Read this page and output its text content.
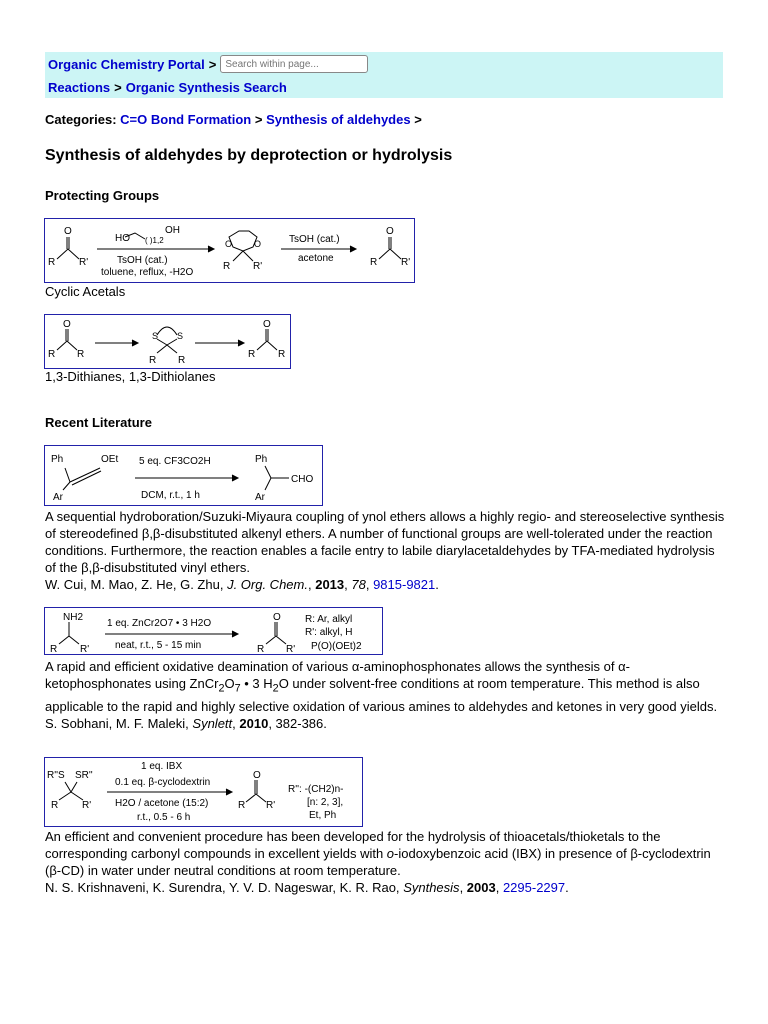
Organic Chemistry Portal >
Search within page...
Reactions > Organic Synthesis Search
Categories: C=O Bond Formation > Synthesis of aldehydes >
Synthesis of aldehydes by deprotection or hydrolysis
Protecting Groups
O
R R'
HO ( )1,2
OH
TsOH (cat.)
toluene, reflux, -H2O
O O
R R'
TsOH (cat.)
acetone
O
R R'
Cyclic Acetals
O
R R
S S
R R
O
R R
1,3-Dithianes, 1,3-Dithiolanes
Recent Literature
Ph	OEt
Ar
5 eq. CF3CO2H
DCM, r.t., 1 h
Ph
CHO
Ar
A sequential hydroboration/Suzuki-Miyaura coupling of ynol ethers allows a highly regio- and stereoselective synthesis of stereodefined β,β-disubstituted alkenyl ethers. A number of functional groups are well-tolerated under the reaction conditions. Furthermore, the reaction enables a facile entry to labile diarylacetaldehydes by TFA-mediated hydrolysis of the β,β-disubstituted vinyl ethers.
W. Cui, M. Mao, Z. He, G. Zhu, J. Org. Chem., 2013, 78, 9815-9821.
NH2
R R'
1 eq. ZnCr2O7 • 3 H2O
neat, r.t., 5 - 15 min
O
R R'
R: Ar, alkyl
R': alkyl, H
P(O)(OEt)2
A rapid and efficient oxidative deamination of various α-aminophosphonates allows the synthesis of α-ketophosphonates using $ZnCr_2O_7$ • 3 $H_2O$ under solvent-free conditions at room temperature. This method is also applicable to the rapid and highly selective oxidation of various amines to aldehydes and ketones in very good yields.
S. Sobhani, M. F. Maleki, Synlett, 2010, 382-386.
R''S SR''
R R'
1 eq. IBX
0.1 eq. β-cyclodextrin
H2O / acetone (15:2)
r.t., 0.5 - 6 h
O
R R'
R'': -(CH2)n-
[n: 2, 3],
Et, Ph
An efficient and convenient procedure has been developed for the hydrolysis of thioacetals/thioketals to the corresponding carbonyl compounds in excellent yields with o-iodoxybenzoic acid (IBX) in presence of β-cyclodextrin (β-CD) in water under neutral conditions at room temperature.
N. S. Krishnaveni, K. Surendra, Y. V. D. Nageswar, K. R. Rao, Synthesis, 2003, 2295-2297.
